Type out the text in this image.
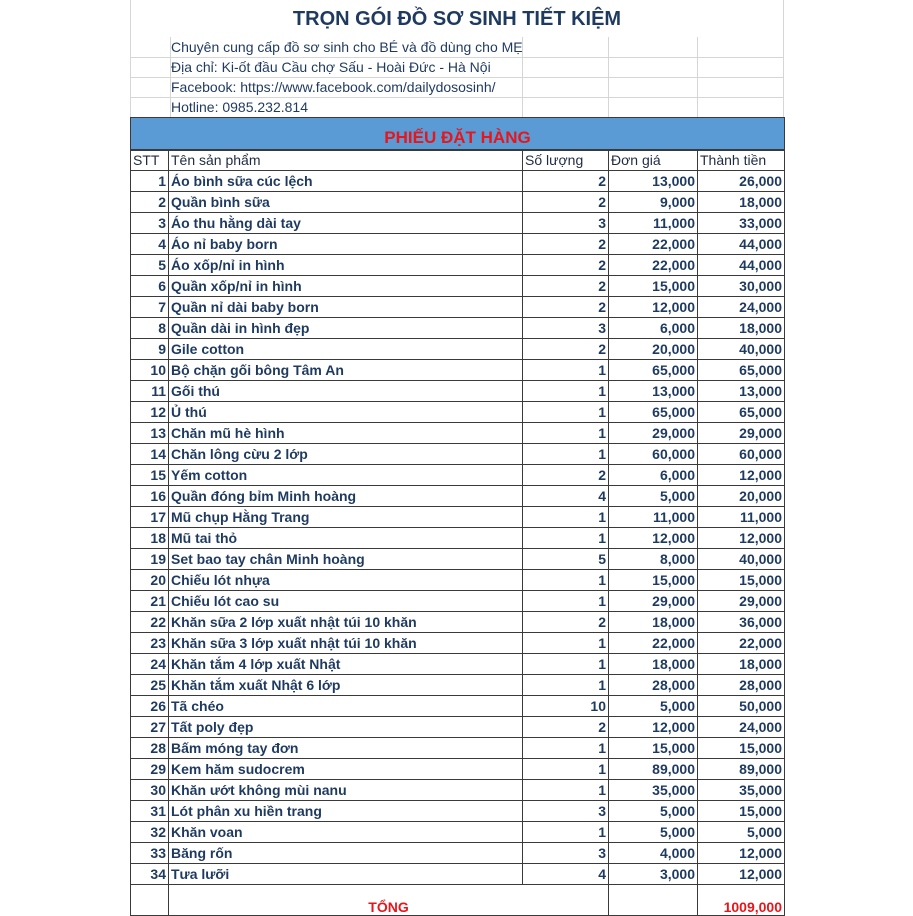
TRỌN GÓI ĐỒ SƠ SINH TIẾT KIỆM
Chuyên cung cấp đồ sơ sinh cho BÉ và đồ dùng cho MẸ
Địa chỉ: Ki-ốt đầu Cầu chợ Sấu - Hoài Đức - Hà Nội
Facebook: https://www.facebook.com/dailydososinh/
Hotline: 0985.232.814
PHIẾU ĐẶT HÀNG
STT	Tên sản phẩm	Số lượng	Đơn giá	Thành tiền
1	Áo bình sữa cúc lệch	2	13,000	26,000
2	Quần bình sữa	2	9,000	18,000
3	Áo thu hằng dài tay	3	11,000	33,000
4	Áo nỉ baby born	2	22,000	44,000
5	Áo xốp/nỉ in hình	2	22,000	44,000
6	Quần xốp/nỉ in hình	2	15,000	30,000
7	Quần nỉ dài baby born	2	12,000	24,000
8	Quần dài in hình đẹp	3	6,000	18,000
9	Gile cotton	2	20,000	40,000
10	Bộ chặn gối bông Tâm An	1	65,000	65,000
11	Gối thú	1	13,000	13,000
12	Ủ thú	1	65,000	65,000
13	Chăn mũ hè hình	1	29,000	29,000
14	Chăn lông cừu 2 lớp	1	60,000	60,000
15	Yếm cotton	2	6,000	12,000
16	Quần đóng bỉm Minh hoàng	4	5,000	20,000
17	Mũ chụp Hằng Trang	1	11,000	11,000
18	Mũ tai thỏ	1	12,000	12,000
19	Set bao tay chân Minh hoàng	5	8,000	40,000
20	Chiếu lót nhựa	1	15,000	15,000
21	Chiếu lót cao su	1	29,000	29,000
22	Khăn sữa 2 lớp xuất nhật túi 10 khăn	2	18,000	36,000
23	Khăn sữa 3 lớp xuất nhật túi 10 khăn	1	22,000	22,000
24	Khăn tắm 4 lớp xuất Nhật	1	18,000	18,000
25	Khăn tắm xuất Nhật 6 lớp	1	28,000	28,000
26	Tã chéo	10	5,000	50,000
27	Tất poly đẹp	2	12,000	24,000
28	Bấm móng tay đơn	1	15,000	15,000
29	Kem hăm sudocrem	1	89,000	89,000
30	Khăn ướt không mùi nanu	1	35,000	35,000
31	Lót phân xu hiền trang	3	5,000	15,000
32	Khăn voan	1	5,000	5,000
33	Băng rốn	3	4,000	12,000
34	Tưa lưỡi	4	3,000	12,000
	TỔNG			1009,000
